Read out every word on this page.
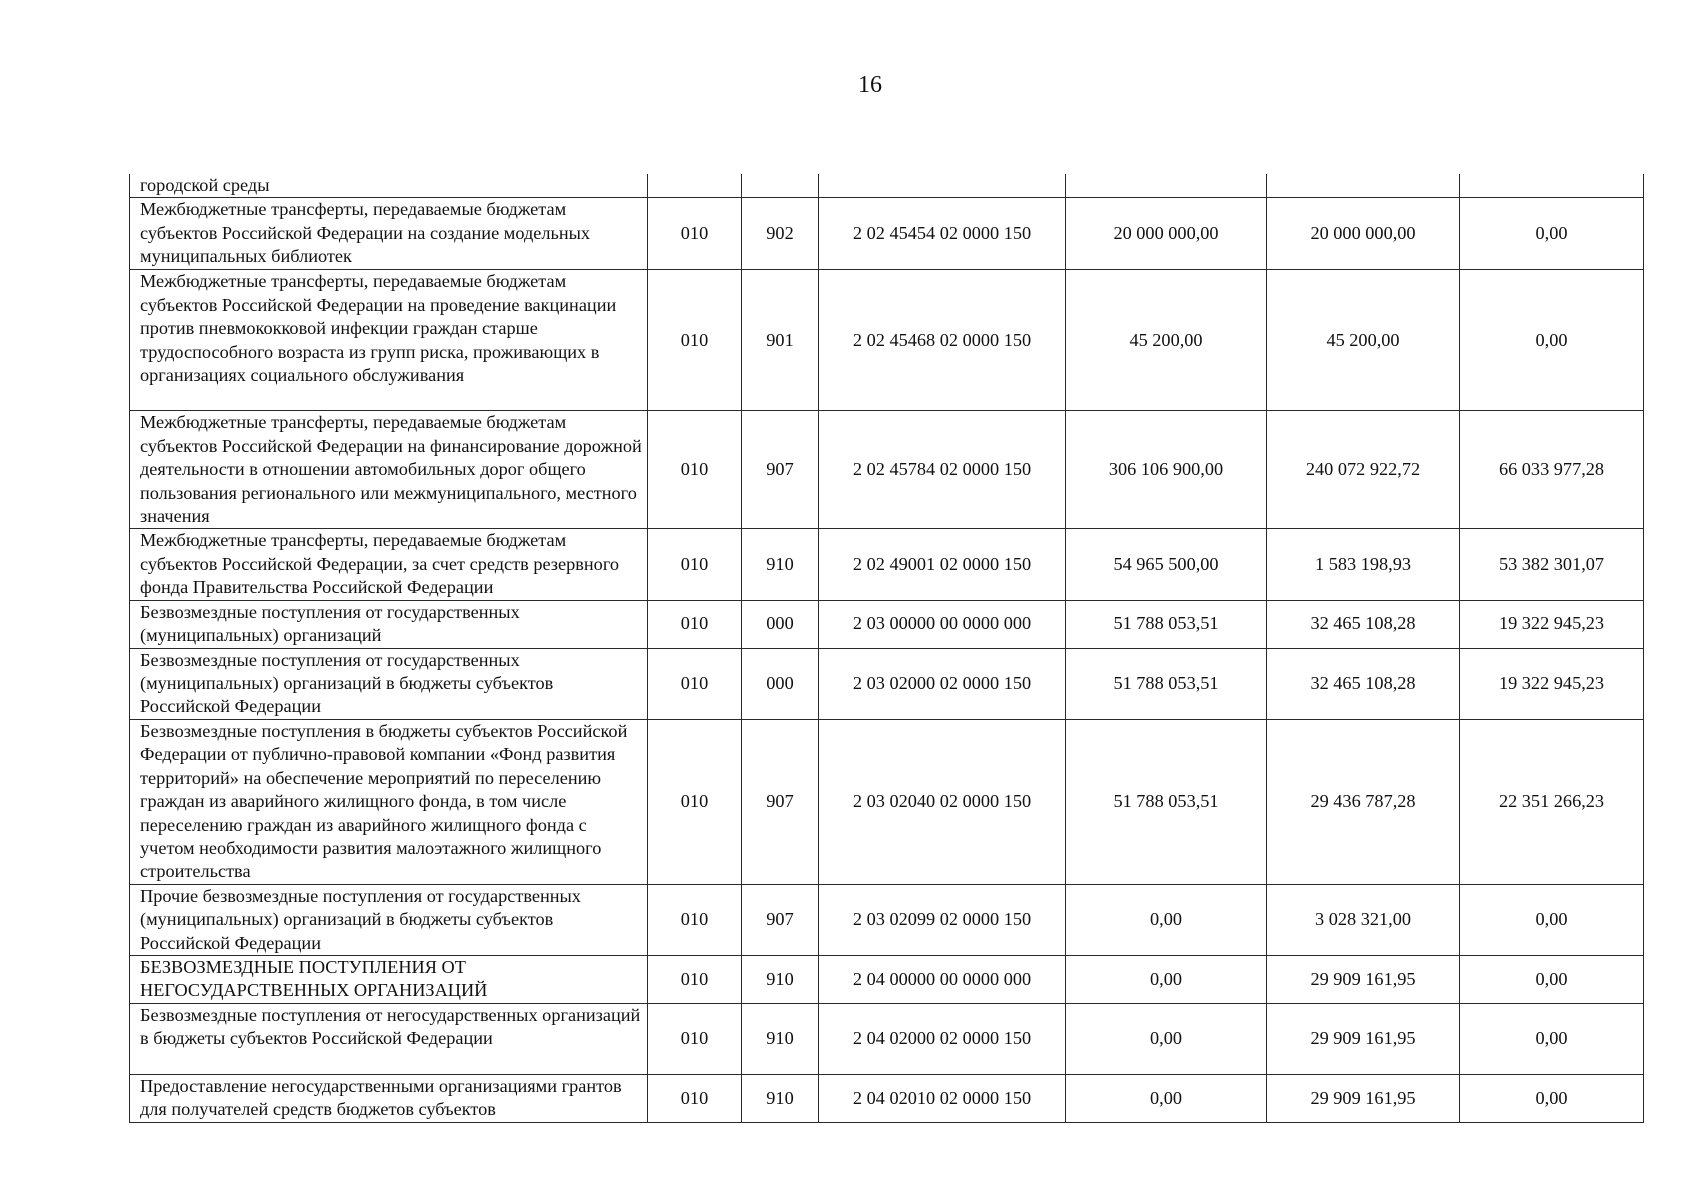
16
городской среды						
Межбюджетные трансферты, передаваемые бюджетам субъектов Российской Федерации на создание модельных муниципальных библиотек	010	902	2 02 45454 02 0000 150	20 000 000,00	20 000 000,00	0,00
Межбюджетные трансферты, передаваемые бюджетам субъектов Российской Федерации на проведение вакцинации против пневмококковой инфекции граждан старше трудоспособного возраста из групп риска, проживающих в организациях социального обслуживания	010	901	2 02 45468 02 0000 150	45 200,00	45 200,00	0,00
Межбюджетные трансферты, передаваемые бюджетам субъектов Российской Федерации на финансирование дорожной деятельности в отношении автомобильных дорог общего пользования регионального или межмуниципального, местного значения	010	907	2 02 45784 02 0000 150	306 106 900,00	240 072 922,72	66 033 977,28
Межбюджетные трансферты, передаваемые бюджетам субъектов Российской Федерации, за счет средств резервного фонда Правительства Российской Федерации	010	910	2 02 49001 02 0000 150	54 965 500,00	1 583 198,93	53 382 301,07
Безвозмездные поступления от государственных (муниципальных) организаций	010	000	2 03 00000 00 0000 000	51 788 053,51	32 465 108,28	19 322 945,23
Безвозмездные поступления от государственных (муниципальных) организаций в бюджеты субъектов Российской Федерации	010	000	2 03 02000 02 0000 150	51 788 053,51	32 465 108,28	19 322 945,23
Безвозмездные поступления в бюджеты субъектов Российской Федерации от публично-правовой компании «Фонд развития территорий» на обеспечение мероприятий по переселению граждан из аварийного жилищного фонда, в том числе переселению граждан из аварийного жилищного фонда с учетом необходимости развития малоэтажного жилищного строительства	010	907	2 03 02040 02 0000 150	51 788 053,51	29 436 787,28	22 351 266,23
Прочие безвозмездные поступления от государственных (муниципальных) организаций в бюджеты субъектов Российской Федерации	010	907	2 03 02099 02 0000 150	0,00	3 028 321,00	0,00
БЕЗВОЗМЕЗДНЫЕ ПОСТУПЛЕНИЯ ОТ НЕГОСУДАРСТВЕННЫХ ОРГАНИЗАЦИЙ	010	910	2 04 00000 00 0000 000	0,00	29 909 161,95	0,00
Безвозмездные поступления от негосударственных организаций в бюджеты субъектов Российской Федерации	010	910	2 04 02000 02 0000 150	0,00	29 909 161,95	0,00
Предоставление негосударственными организациями грантов для получателей средств бюджетов субъектов	010	910	2 04 02010 02 0000 150	0,00	29 909 161,95	0,00
